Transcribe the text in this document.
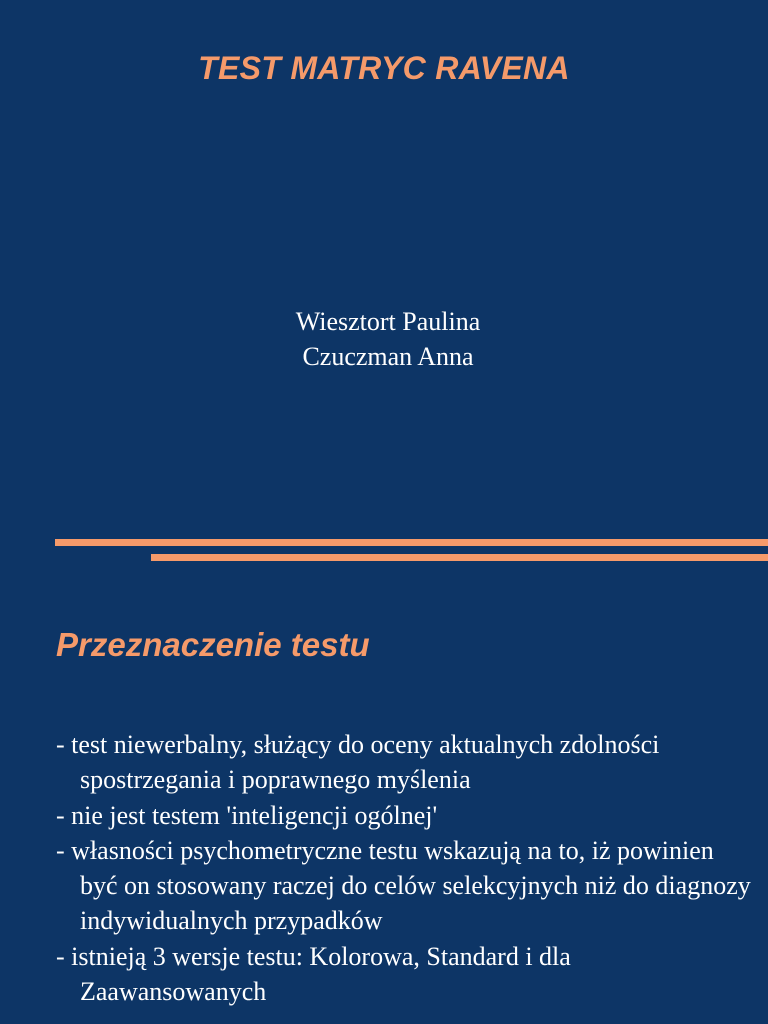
TEST MATRYC RAVENA
Wiesztort Paulina
Czuczman Anna
Przeznaczenie testu
- test niewerbalny, służący do oceny aktualnych zdolności spostrzegania i poprawnego myślenia
- nie jest testem 'inteligencji ogólnej'
- własności psychometryczne testu wskazują na to, iż powinien być on stosowany raczej do celów selekcyjnych niż do diagnozy indywidualnych przypadków
- istnieją 3 wersje testu: Kolorowa, Standard i dla Zaawansowanych
